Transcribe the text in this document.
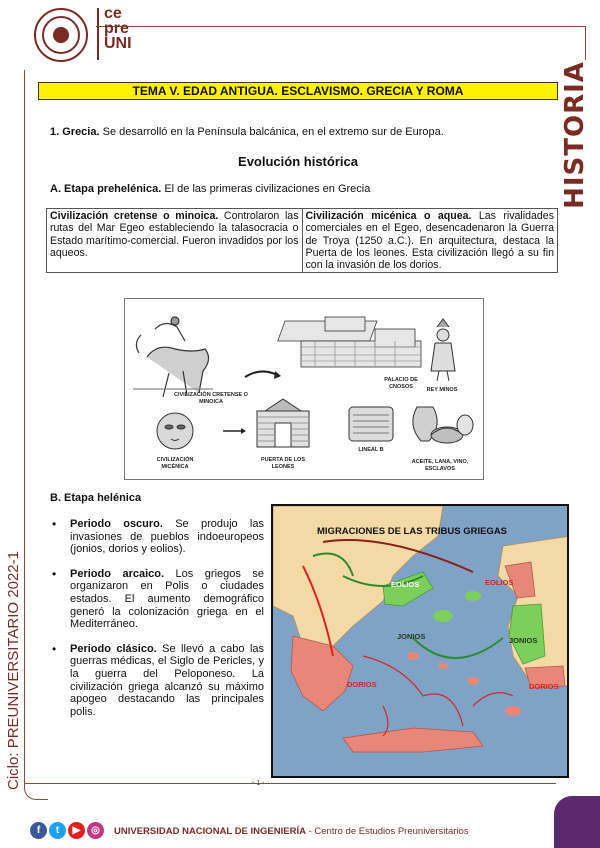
ce
pre
UNI
HISTORIA
Ciclo: PREUNIVERSITARIO 2022-1
TEMA V. EDAD ANTIGUA. ESCLAVISMO. GRECIA Y ROMA
1. Grecia. Se desarrolló en la Península balcánica, en el extremo sur de Europa.
Evolución histórica
A. Etapa prehelénica. El de las primeras civilizaciones en Grecia
Civilización cretense o minoica. Controlaron las rutas del Mar Egeo estableciendo la talasocracia o Estado marítimo-comercial. Fueron invadidos por los aqueos.	Civilización micénica o aquea. Las rivalidades comerciales en el Egeo, desencadenaron la Guerra de Troya (1250 a.C.). En arquitectura, destaca la Puerta de los leones. Esta civilización llegó a su fin con la invasión de los dorios.
CIVILIZACIÓN CRETENSE O MINOICA
PALACIO DE CNOSOS
REY MINOS
CIVILIZACIÓN MICÉNICA
PUERTA DE LOS LEONES
LINEAL B
ACEITE, LANA, VINO, ESCLAVOS
B. Etapa helénica
• Periodo oscuro. Se produjo las invasiones de pueblos indoeuropeos (jonios, dorios y eolios).
• Periodo arcaico. Los griegos se organizaron en Polis o ciudades estados. El aumento demográfico generó la colonización griega en el Mediterráneo.
• Periodo clásico. Se llevó a cabo las guerras médicas, el Siglo de Pericles, y la guerra del Peloponeso. La civilización griega alcanzó su máximo apogeo destacando las principales polis.
MIGRACIONES DE LAS TRIBUS GRIEGAS
EOLIOS	EOLIOS
JONIOS	JONIOS
DORIOS	DORIOS
- 1 -
f	t	▶	◎	UNIVERSIDAD NACIONAL DE INGENIERÍA - Centro de Estudios Preuniversitarios
